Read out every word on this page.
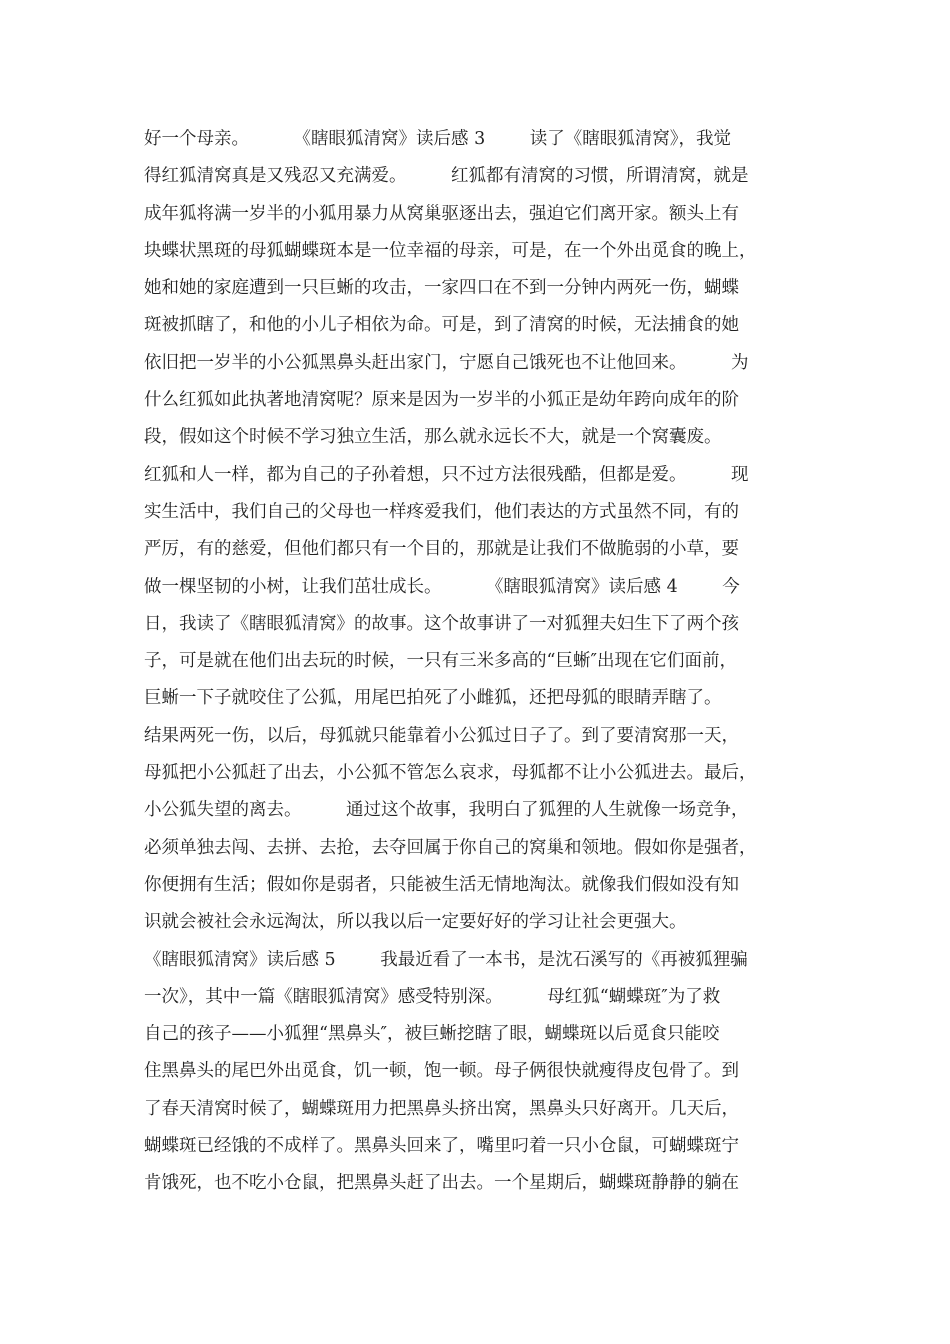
好一个母亲。        《瞎眼狐清窝》读后感 3        读了《瞎眼狐清窝》，我觉
得红狐清窝真是又残忍又充满爱。        红狐都有清窝的习惯，所谓清窝，就是
成年狐将满一岁半的小狐用暴力从窝巢驱逐出去，强迫它们离开家。额头上有
块蝶状黑斑的母狐蝴蝶斑本是一位幸福的母亲，可是，在一个外出觅食的晚上，
她和她的家庭遭到一只巨蜥的攻击，一家四口在不到一分钟内两死一伤，蝴蝶
斑被抓瞎了，和他的小儿子相依为命。可是，到了清窝的时候，无法捕食的她
依旧把一岁半的小公狐黑鼻头赶出家门，宁愿自己饿死也不让他回来。        为
什么红狐如此执著地清窝呢？原来是因为一岁半的小狐正是幼年跨向成年的阶
段，假如这个时候不学习独立生活，那么就永远长不大，就是一个窝囊废。
红狐和人一样，都为自己的子孙着想，只不过方法很残酷，但都是爱。        现
实生活中，我们自己的父母也一样疼爱我们，他们表达的方式虽然不同，有的
严厉，有的慈爱，但他们都只有一个目的，那就是让我们不做脆弱的小草，要
做一棵坚韧的小树，让我们茁壮成长。        《瞎眼狐清窝》读后感 4        今
日，我读了《瞎眼狐清窝》的故事。这个故事讲了一对狐狸夫妇生下了两个孩
子，可是就在他们出去玩的时候，一只有三米多高的“巨蜥″出现在它们面前，
巨蜥一下子就咬住了公狐，用尾巴拍死了小雌狐，还把母狐的眼睛弄瞎了。
结果两死一伤，以后，母狐就只能靠着小公狐过日子了。到了要清窝那一天，
母狐把小公狐赶了出去，小公狐不管怎么哀求，母狐都不让小公狐进去。最后，
小公狐失望的离去。        通过这个故事，我明白了狐狸的人生就像一场竞争，
必须单独去闯、去拼、去抢，去夺回属于你自己的窝巢和领地。假如你是强者，
你便拥有生活；假如你是弱者，只能被生活无情地淘汰。就像我们假如没有知
识就会被社会永远淘汰，所以我以后一定要好好的学习让社会更强大。
《瞎眼狐清窝》读后感 5        我最近看了一本书，是沈石溪写的《再被狐狸骗
一次》，其中一篇《瞎眼狐清窝》感受特别深。        母红狐“蝴蝶斑″为了救
自己的孩子——小狐狸“黑鼻头″，被巨蜥挖瞎了眼，蝴蝶斑以后觅食只能咬
住黑鼻头的尾巴外出觅食，饥一顿，饱一顿。母子俩很快就瘦得皮包骨了。到
了春天清窝时候了，蝴蝶斑用力把黑鼻头挤出窝，黑鼻头只好离开。几天后，
蝴蝶斑已经饿的不成样了。黑鼻头回来了，嘴里叼着一只小仓鼠，可蝴蝶斑宁
肯饿死，也不吃小仓鼠，把黑鼻头赶了出去。一个星期后，蝴蝶斑静静的躺在
